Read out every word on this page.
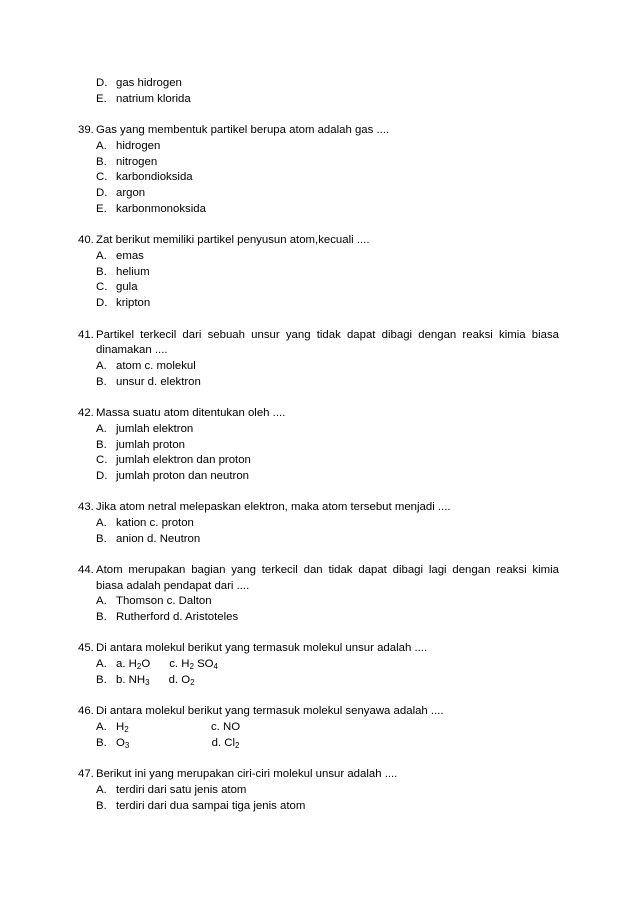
D. gas hidrogen
E. natrium klorida
39. Gas yang membentuk partikel berupa atom adalah gas ....
A. hidrogen
B. nitrogen
C. karbondioksida
D. argon
E. karbonmonoksida
40. Zat berikut memiliki partikel penyusun atom,kecuali ....
A. emas
B. helium
C. gula
D. kripton
41. Partikel terkecil dari sebuah unsur yang tidak dapat dibagi dengan reaksi kimia biasa
dinamakan ....
A. atom c. molekul
B. unsur d. elektron
42. Massa suatu atom ditentukan oleh ....
A. jumlah elektron
B. jumlah proton
C. jumlah elektron dan proton
D. jumlah proton dan neutron
43. Jika atom netral melepaskan elektron, maka atom tersebut menjadi ....
A. kation c. proton
B. anion d. Neutron
44. Atom merupakan bagian yang terkecil dan tidak dapat dibagi lagi dengan reaksi kimia
biasa adalah pendapat dari ....
A. Thomson c. Dalton
B. Rutherford d. Aristoteles
45. Di antara molekul berikut yang termasuk molekul unsur adalah ....
A. a. $H_2O$      c. $H_2$ $SO_4$
B. b. $NH_3$      d. $O_2$
46. Di antara molekul berikut yang termasuk molekul senyawa adalah ....
A. $H_2$                          c. NO
B. $O_3$                          d. $Cl_2$
47. Berikut ini yang merupakan ciri-ciri molekul unsur adalah ....
A. terdiri dari satu jenis atom
B. terdiri dari dua sampai tiga jenis atom
